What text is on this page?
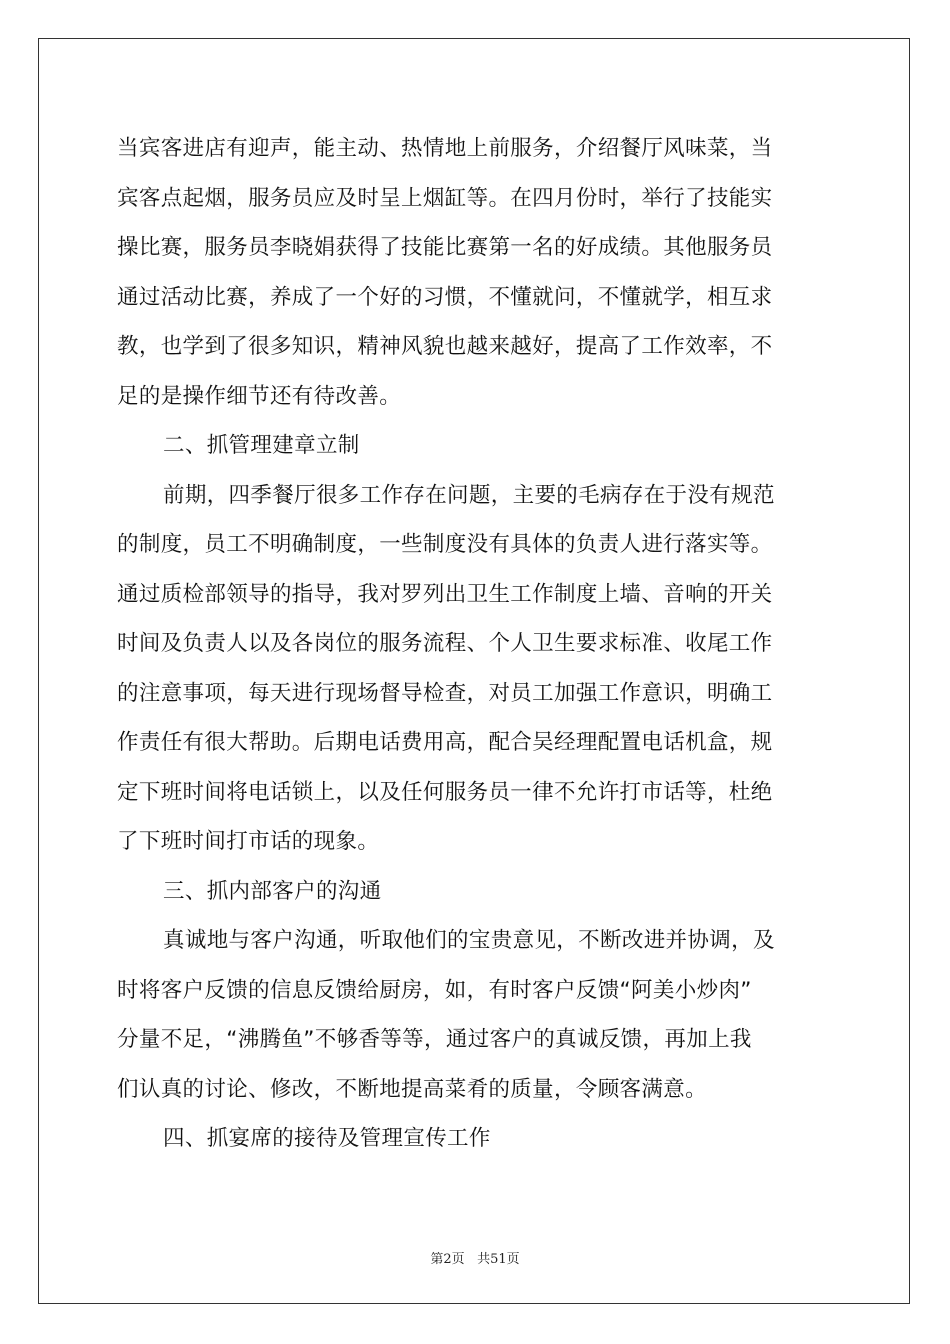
当宾客进店有迎声，能主动、热情地上前服务，介绍餐厅风味菜，当
宾客点起烟，服务员应及时呈上烟缸等。在四月份时，举行了技能实
操比赛，服务员李晓娟获得了技能比赛第一名的好成绩。其他服务员
通过活动比赛，养成了一个好的习惯，不懂就问，不懂就学，相互求
教，也学到了很多知识，精神风貌也越来越好，提高了工作效率，不
足的是操作细节还有待改善。
二、抓管理建章立制
前期，四季餐厅很多工作存在问题，主要的毛病存在于没有规范
的制度，员工不明确制度，一些制度没有具体的负责人进行落实等。
通过质检部领导的指导，我对罗列出卫生工作制度上墙、音响的开关
时间及负责人以及各岗位的服务流程、个人卫生要求标准、收尾工作
的注意事项，每天进行现场督导检查，对员工加强工作意识，明确工
作责任有很大帮助。后期电话费用高，配合吴经理配置电话机盒，规
定下班时间将电话锁上，以及任何服务员一律不允许打市话等，杜绝
了下班时间打市话的现象。
三、抓内部客户的沟通
真诚地与客户沟通，听取他们的宝贵意见，不断改进并协调，及
时将客户反馈的信息反馈给厨房，如，有时客户反馈“阿美小炒肉”
分量不足，“沸腾鱼”不够香等等，通过客户的真诚反馈，再加上我
们认真的讨论、修改，不断地提高菜肴的质量，令顾客满意。
四、抓宴席的接待及管理宣传工作
第2页 共51页
